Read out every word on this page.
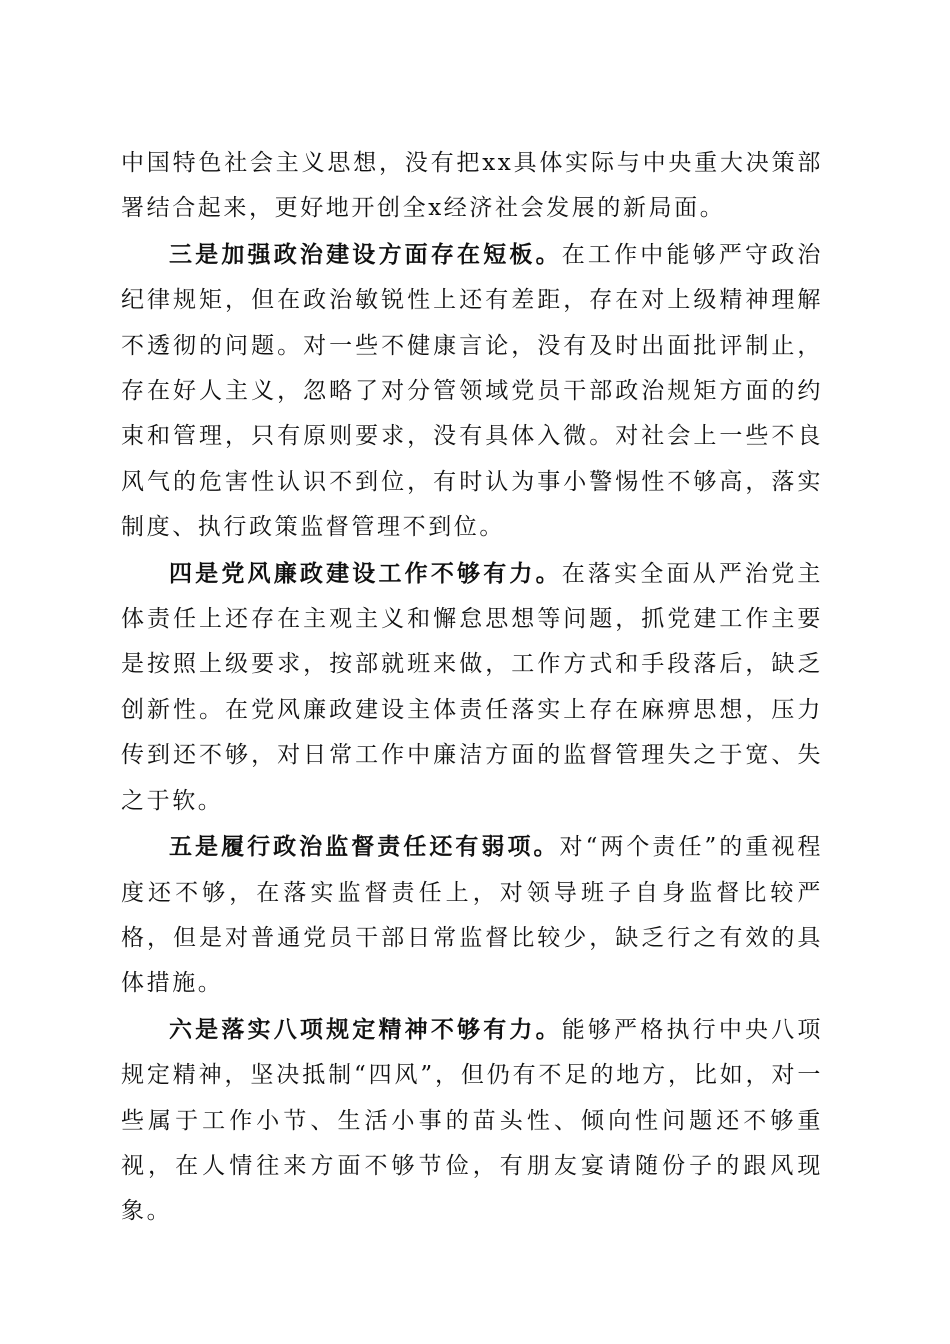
中国特色社会主义思想，没有把xx具体实际与中央重大决策部署结合起来，更好地开创全x经济社会发展的新局面。

三是加强政治建设方面存在短板。在工作中能够严守政治纪律规矩，但在政治敏锐性上还有差距，存在对上级精神理解不透彻的问题。对一些不健康言论，没有及时出面批评制止，存在好人主义，忽略了对分管领域党员干部政治规矩方面的约束和管理，只有原则要求，没有具体入微。对社会上一些不良风气的危害性认识不到位，有时认为事小警惕性不够高，落实制度、执行政策监督管理不到位。

四是党风廉政建设工作不够有力。在落实全面从严治党主体责任上还存在主观主义和懈怠思想等问题，抓党建工作主要是按照上级要求，按部就班来做，工作方式和手段落后，缺乏创新性。在党风廉政建设主体责任落实上存在麻痹思想，压力传到还不够，对日常工作中廉洁方面的监督管理失之于宽、失之于软。

五是履行政治监督责任还有弱项。对“两个责任”的重视程度还不够，在落实监督责任上，对领导班子自身监督比较严格，但是对普通党员干部日常监督比较少，缺乏行之有效的具体措施。

六是落实八项规定精神不够有力。能够严格执行中央八项规定精神，坚决抵制“四风”，但仍有不足的地方，比如，对一些属于工作小节、生活小事的苗头性、倾向性问题还不够重视，在人情往来方面不够节俭，有朋友宴请随份子的跟风现象。
